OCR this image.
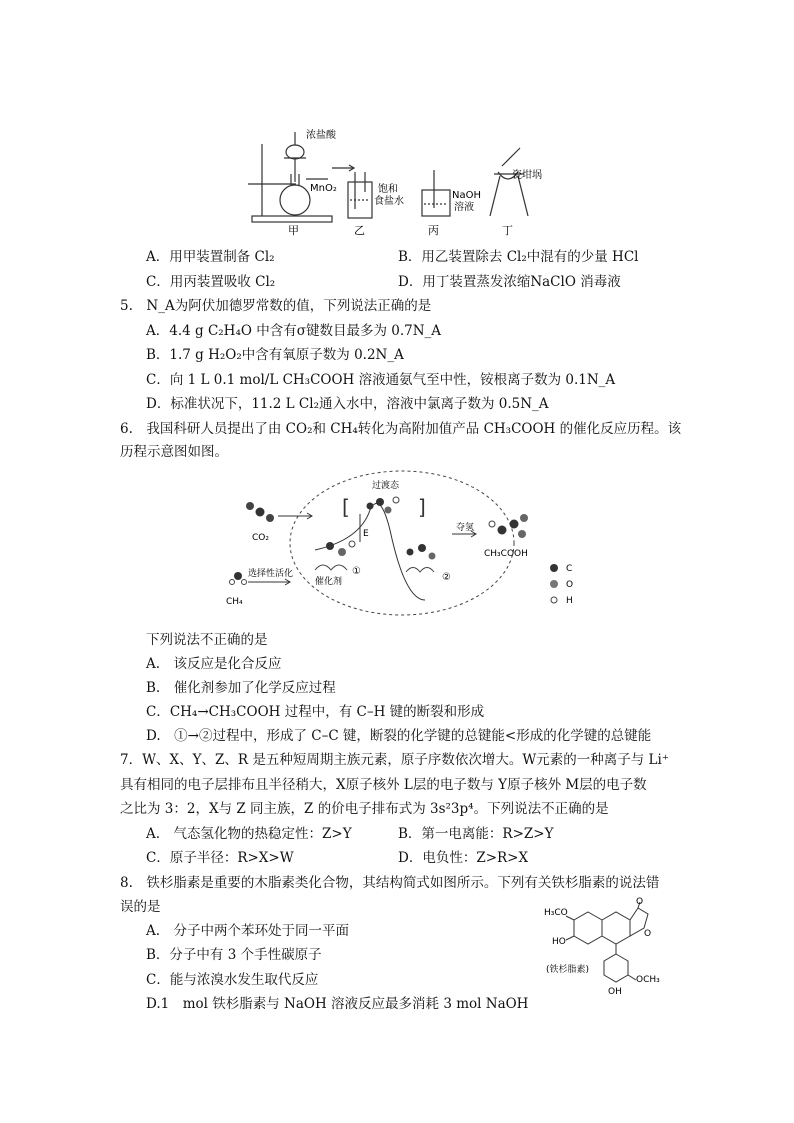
浓盐酸
MnO₂	饱和
食盐水
NaOH
溶液
瓷坩埚
甲	乙	丙	丁
A．用甲装置制备 Cl₂	B．用乙装置除去 Cl₂中混有的少量 HCl
C．用丙装置吸收 Cl₂	D．用丁装置蒸发浓缩NaClO 消毒液
5.　N_A为阿伏加德罗常数的值，下列说法正确的是
A．4.4 g C₂H₄O 中含有σ键数目最多为 0.7N_A
B．1.7 g H₂O₂中含有氧原子数为 0.2N_A
C．向 1 L 0.1 mol/L CH₃COOH 溶液通氨气至中性，铵根离子数为 0.1N_A
D．标准状况下，11.2 L Cl₂通入水中，溶液中氯离子数为 0.5N_A
6.　我国科研人员提出了由 CO₂和 CH₄转化为高附加值产品 CH₃COOH 的催化反应历程。该
历程示意图如图。
CO₂
CH₄
选择性活化
E
过渡态
[	]
催化剂
①
②
夺氢
CH₃COOH
C
O
H
下列说法不正确的是
A.　该反应是化合反应
B.　催化剂参加了化学反应过程
C．CH₄→CH₃COOH 过程中，有 C–H 键的断裂和形成
D.　①→②过程中，形成了 C–C 键，断裂的化学键的总键能<形成的化学键的总键能
7．W、X、Y、Z、R 是五种短周期主族元素，原子序数依次增大。W元素的一种离子与 Li⁺
具有相同的电子层排布且半径稍大，X原子核外 L层的电子数与 Y原子核外 M层的电子数
之比为 3：2，X与 Z 同主族，Z 的价电子排布式为 3s²3p⁴。下列说法不正确的是
A.　气态氢化物的热稳定性：Z>Y	B．第一电离能：R>Z>Y
C．原子半径：R>X>W	D．电负性：Z>R>X
8.　铁杉脂素是重要的木脂素类化合物，其结构简式如图所示。下列有关铁杉脂素的说法错
误的是
A.　分子中两个苯环处于同一平面
B．分子中有 3 个手性碳原子
C．能与浓溴水发生取代反应
D.1　mol 铁杉脂素与 NaOH 溶液反应最多消耗 3 mol NaOH
H₃CO
HO
O
O
OCH₃
OH
(铁杉脂素)
